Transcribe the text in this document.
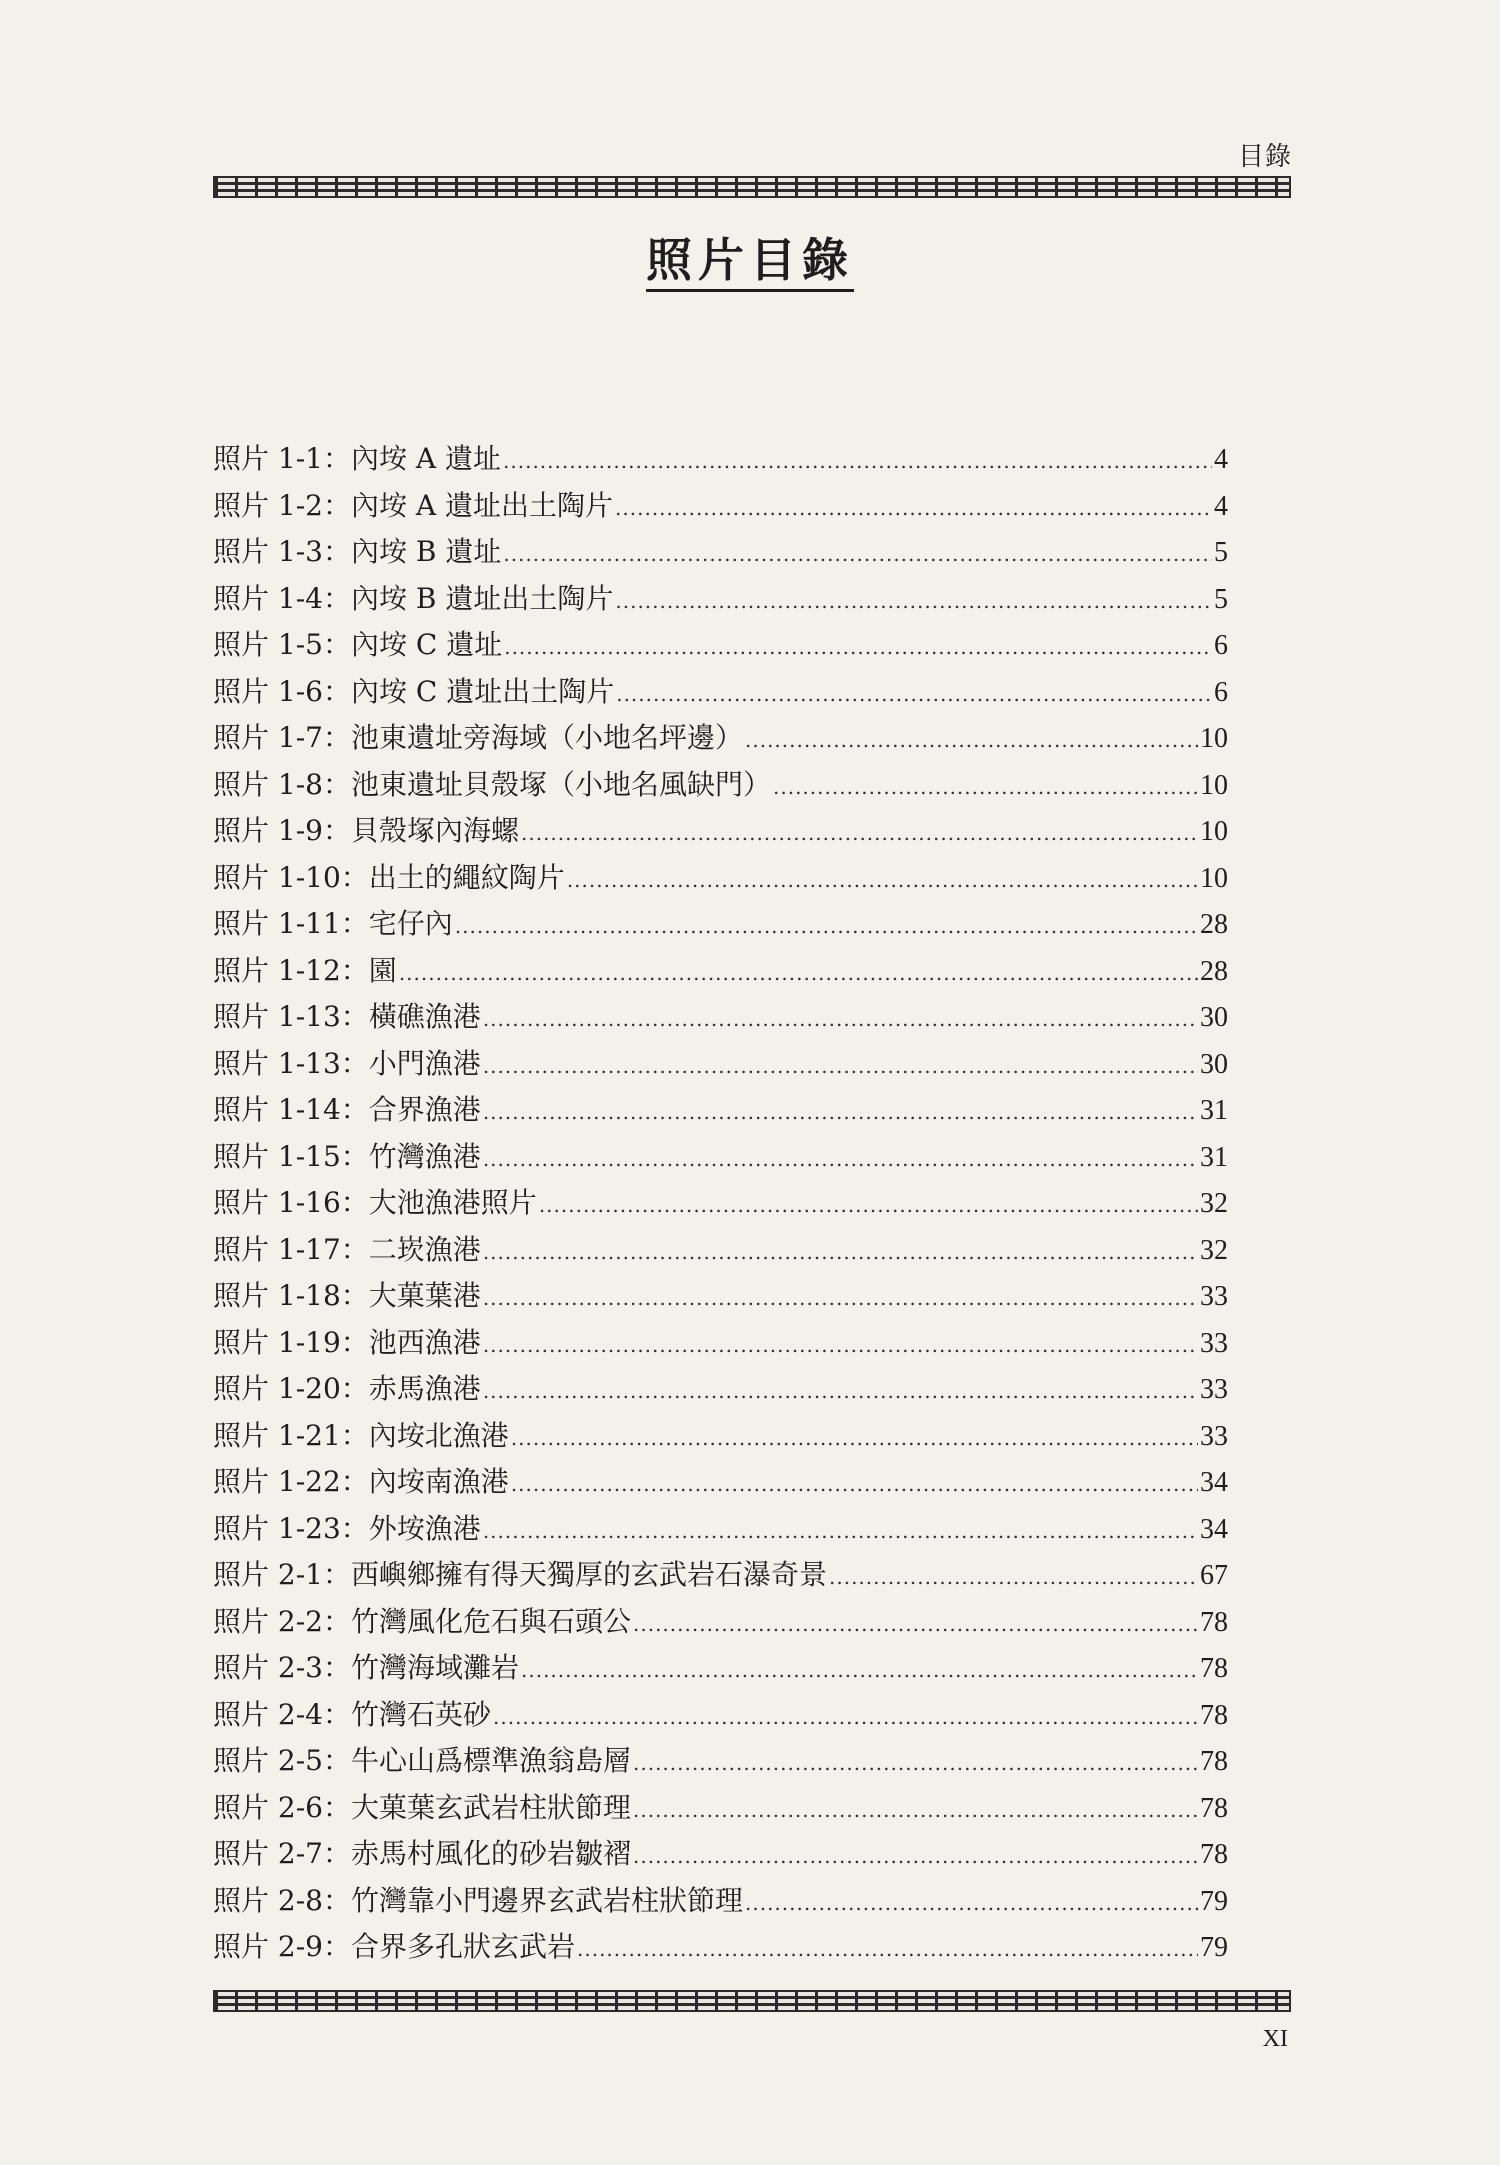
目錄
照片目錄
照片 1-1：內垵 A 遺址 .....	4
照片 1-2：內垵 A 遺址出土陶片 .....	4
照片 1-3：內垵 B 遺址 .....	5
照片 1-4：內垵 B 遺址出土陶片 .....	5
照片 1-5：內垵 C 遺址 .....	6
照片 1-6：內垵 C 遺址出土陶片 .....	6
照片 1-7：池東遺址旁海域（小地名坪邊） .....	10
照片 1-8：池東遺址貝殼塚（小地名風缺門） .....	10
照片 1-9：貝殼塚內海螺 .....	10
照片 1-10：出土的繩紋陶片 .....	10
照片 1-11：宅仔內 .....	28
照片 1-12：園 .....	28
照片 1-13：橫礁漁港 .....	30
照片 1-13：小門漁港 .....	30
照片 1-14：合界漁港 .....	31
照片 1-15：竹灣漁港 .....	31
照片 1-16：大池漁港照片 .....	32
照片 1-17：二崁漁港 .....	32
照片 1-18：大菓葉港 .....	33
照片 1-19：池西漁港 .....	33
照片 1-20：赤馬漁港 .....	33
照片 1-21：內垵北漁港 .....	33
照片 1-22：內垵南漁港 .....	34
照片 1-23：外垵漁港 .....	34
照片 2-1：西嶼鄉擁有得天獨厚的玄武岩石瀑奇景 .....	67
照片 2-2：竹灣風化危石與石頭公 .....	78
照片 2-3：竹灣海域灘岩 .....	78
照片 2-4：竹灣石英砂 .....	78
照片 2-5：牛心山爲標準漁翁島層 .....	78
照片 2-6：大菓葉玄武岩柱狀節理 .....	78
照片 2-7：赤馬村風化的砂岩皺褶 .....	78
照片 2-8：竹灣靠小門邊界玄武岩柱狀節理 .....	79
照片 2-9：合界多孔狀玄武岩 .....	79
XI
